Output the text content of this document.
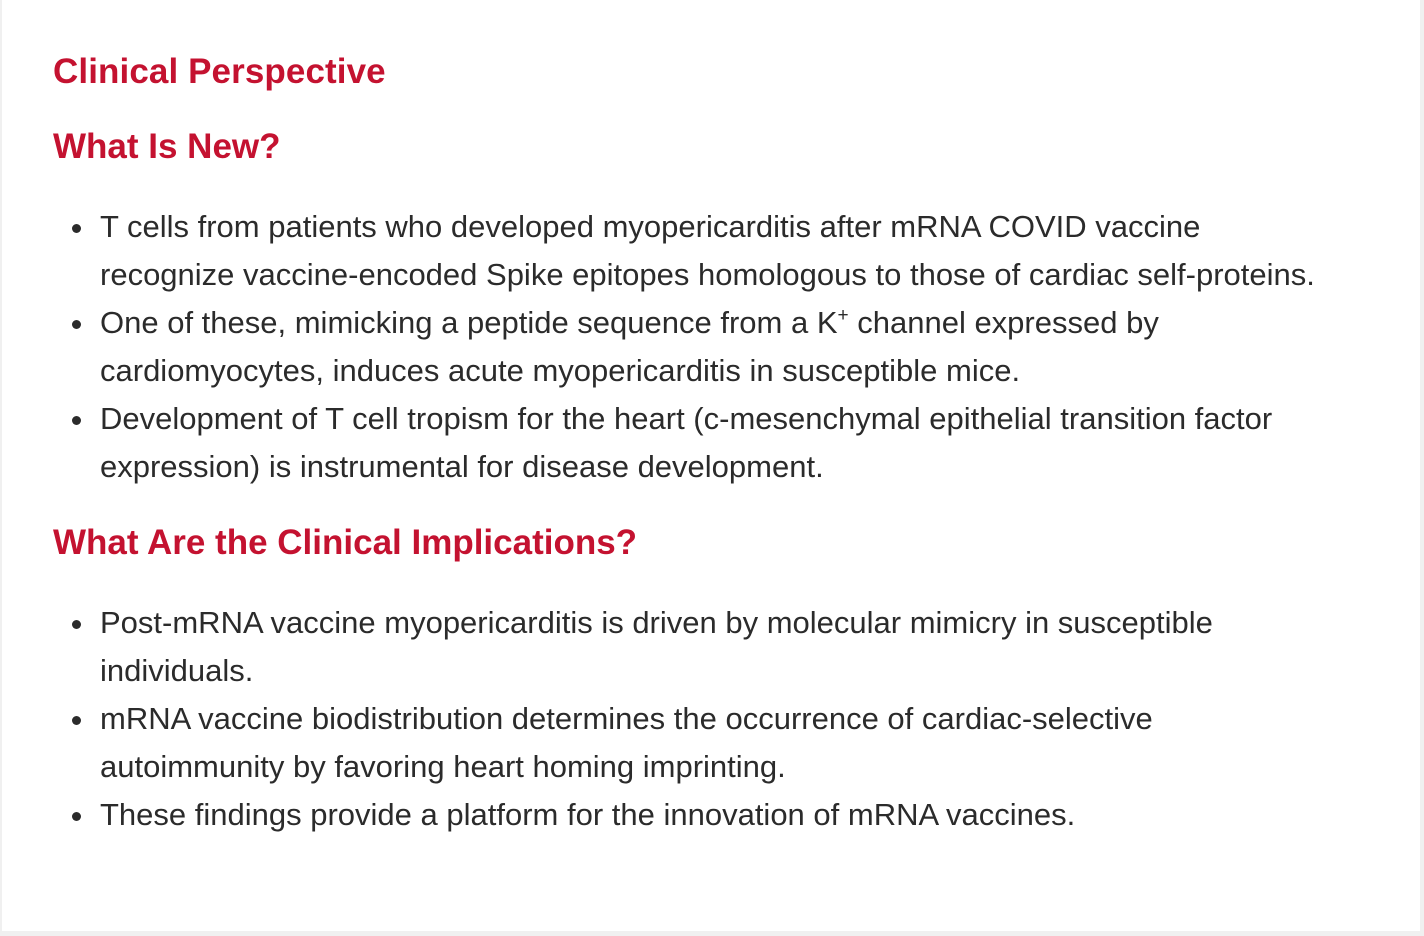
Clinical Perspective
What Is New?
T cells from patients who developed myopericarditis after mRNA COVID vaccine recognize vaccine-encoded Spike epitopes homologous to those of cardiac self-proteins.
One of these, mimicking a peptide sequence from a K+ channel expressed by cardiomyocytes, induces acute myopericarditis in susceptible mice.
Development of T cell tropism for the heart (c-mesenchymal epithelial transition factor expression) is instrumental for disease development.
What Are the Clinical Implications?
Post-mRNA vaccine myopericarditis is driven by molecular mimicry in susceptible individuals.
mRNA vaccine biodistribution determines the occurrence of cardiac-selective autoimmunity by favoring heart homing imprinting.
These findings provide a platform for the innovation of mRNA vaccines.
